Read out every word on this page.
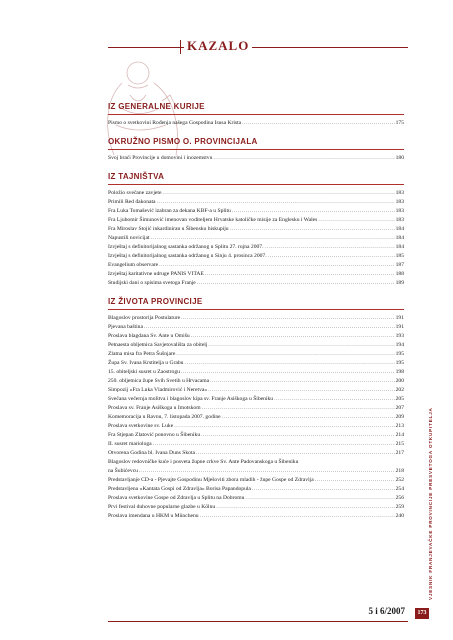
KAZALO
IZ GENERALNE KURIJE
Pismo o svetkovini Rođenja našega Gospodina Isusa Krista .....	175
OKRUŽNO PISMO O. PROVINCIJALA
Svoj braći Provincije u domovini i inozemstvu .....	180
IZ TAJNIŠTVA
Položio svečane zavjete .....	183
Primili Red đakonata .....	183
Fra Luka Tomašević izabran za dekana KBF-a u Splitu .....	183
Fra Ljubomir Šimunović imenovan voditeljem Hrvatske katoličke misije za Englesku i Wales .....	183
Fra Miroslav Stojić inkardiniran u Šibensku biskupiju .....	184
Napustili novicijat .....	184
Izvještaj s definitorijalnog sastanka održanog u Splitu 27. rujna 2007. .....	184
Izvještaj s definitorijalnog sastanka održanog u Sinju 4. prosinca 2007. .....	185
Evangelium observare .....	187
Izvještaj karitativne udruge PANIS VITAE .....	188
Studijski dani o spisima svetoga Franje .....	189
IZ ŽIVOTA PROVINCIJE
Blagoslov prostorija Postulature .....	191
Pjevana baština .....	191
Proslava blagdana Sv. Ante u Omišu .....	193
Petnaesta obljetnica Savjetovališta za obitelj .....	194
Zlatna misa fra Petra Šušnjare .....	195
Župa Sv. Ivana Krstitelja u Grabu .....	195
15. obiteljski susret u Zaostrogu .....	198
250. obljetnica župe Svih Svetih u Hrvacama .....	200
Simpozij «Fra Luka Vladmirović i Neretva» .....	202
Svečana večernja molitva i blagoslov kipa sv. Franje Asiškoga u Šibeniku .....	205
Proslava sv. Franje Asiškoga u Imotskom .....	207
Komemoracija u Ravnu, 7. listopada 2007. godine .....	209
Proslava svetkovine sv. Luke .....	213
Fra Stjepan Zlatović ponovno u Šibeniku .....	214
II. susret mariologa .....	215
Otvorena Godina bl. Ivana Duns Skota .....	217
Blagoslov redovničke kuće i posveta župne crkve Sv. Ante Padovanskoga u Šibeniku
na Šubićevcu .....	218
Predstavljanje CD-a - Pjevajte Gospodinu Mješoviti zbora mladih - župe Gospe od Zdravlja .....	252
Predstavljena «Kantata Gospi od Zdravlja» Borisa Papandopula .....	254
Proslava svetkovine Gospe od Zdravlja u Splitu na Dobromu .....	256
Prvi festival duhovne popularne glazbe u Kölnu .....	259
Proslava imendana u HKM u Münchenu .....	240	VJESNIK FRANJEVAČKE PROVINCIJE PRESVETOGA OTKUPITELJA
5 i 6/2007	173
